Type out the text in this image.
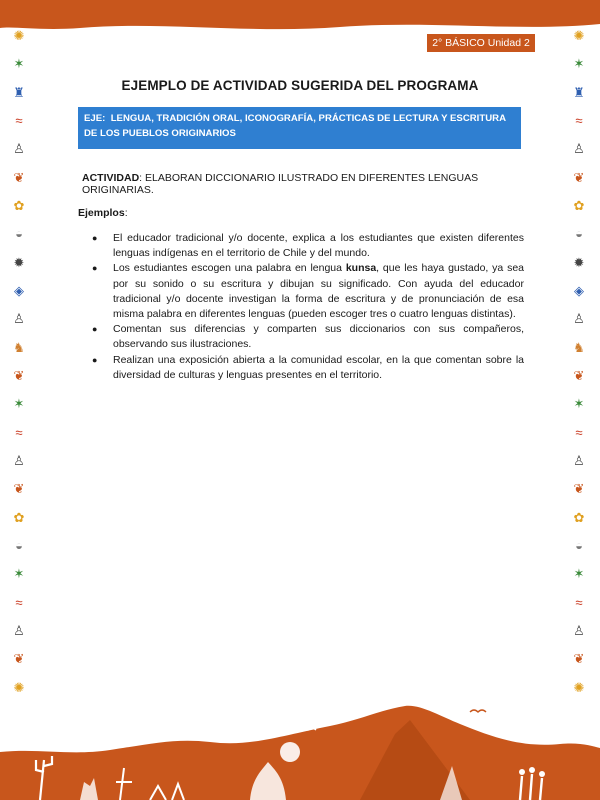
2° BÁSICO Unidad 2
✺
✶
♜
≈
♙
❦
✿
◒
✹
◈
♙
♞
❦
✶
≈
♙
❦
✿
◒
✶
≈
♙
❦
✺
✺
✶
♜
≈
♙
❦
✿
◒
✹
◈
♙
♞
❦
✶
≈
♙
❦
✿
◒
✶
≈
♙
❦
✺
EJEMPLO DE ACTIVIDAD SUGERIDA DEL PROGRAMA
EJE: LENGUA, TRADICIÓN ORAL, ICONOGRAFÍA, PRÁCTICAS DE LECTURA Y ESCRITURA DE LOS PUEBLOS ORIGINARIOS
ACTIVIDAD: ELABORAN DICCIONARIO ILUSTRADO EN DIFERENTES LENGUAS ORIGINARIAS.
Ejemplos:
● El educador tradicional y/o docente, explica a los estudiantes que existen diferentes lenguas indígenas en el territorio de Chile y del mundo.
● Los estudiantes escogen una palabra en lengua kunsa, que les haya gustado, ya sea por su sonido o su escritura y dibujan su significado. Con ayuda del educador tradicional y/o docente investigan la forma de escritura y de pronunciación de esa misma palabra en diferentes lenguas (pueden escoger tres o cuatro lenguas distintas).
● Comentan sus diferencias y comparten sus diccionarios con sus compañeros, observando sus ilustraciones.
● Realizan una exposición abierta a la comunidad escolar, en la que comentan sobre la diversidad de culturas y lenguas presentes en el territorio.
